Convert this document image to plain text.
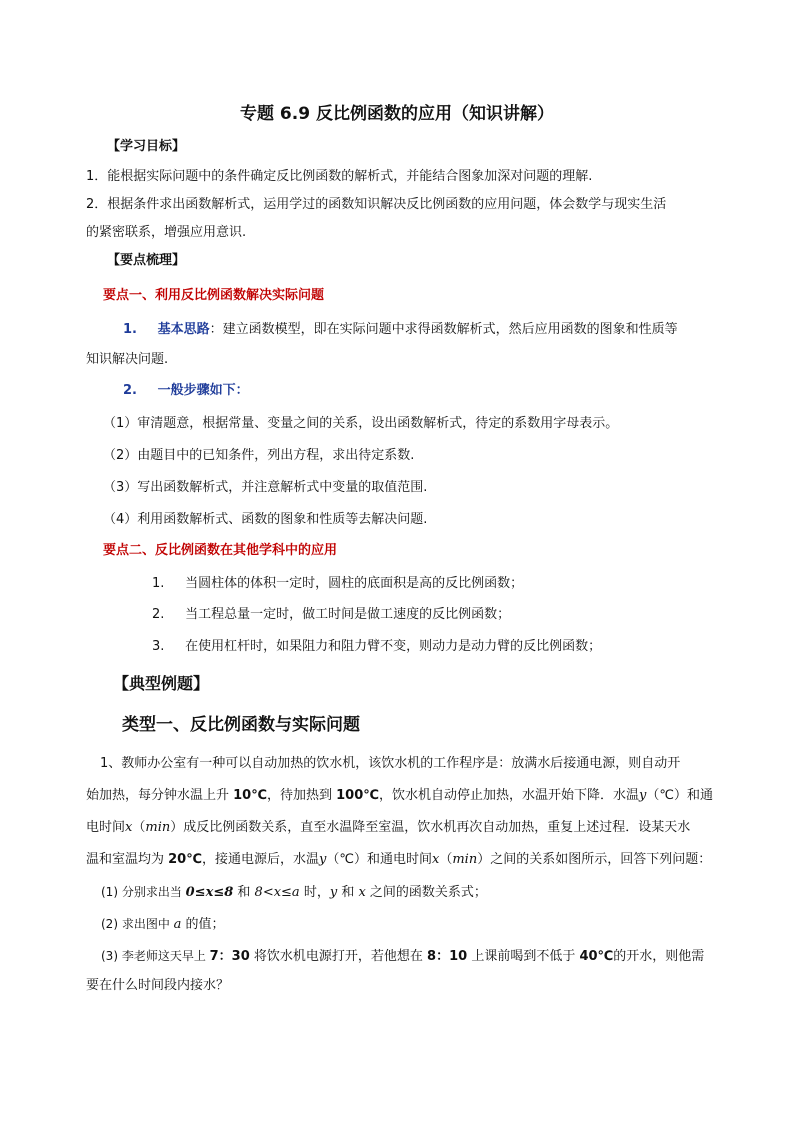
专题 6.9 反比例函数的应用（知识讲解）
【学习目标】
1．能根据实际问题中的条件确定反比例函数的解析式，并能结合图象加深对问题的理解.
2．根据条件求出函数解析式，运用学过的函数知识解决反比例函数的应用问题，体会数学与现实生活
的紧密联系，增强应用意识.
【要点梳理】
要点一、利用反比例函数解决实际问题
1. 基本思路：建立函数模型，即在实际问题中求得函数解析式，然后应用函数的图象和性质等
知识解决问题.
2. 一般步骤如下：
（1）审清题意，根据常量、变量之间的关系，设出函数解析式，待定的系数用字母表示。
（2）由题目中的已知条件，列出方程，求出待定系数.
（3）写出函数解析式，并注意解析式中变量的取值范围.
（4）利用函数解析式、函数的图象和性质等去解决问题.
要点二、反比例函数在其他学科中的应用
1. 当圆柱体的体积一定时，圆柱的底面积是高的反比例函数；
2. 当工程总量一定时，做工时间是做工速度的反比例函数；
3. 在使用杠杆时，如果阻力和阻力臂不变，则动力是动力臂的反比例函数；
【典型例题】
类型一、反比例函数与实际问题
1、教师办公室有一种可以自动加热的饮水机，该饮水机的工作程序是：放满水后接通电源，则自动开
始加热，每分钟水温上升 10℃，待加热到 100℃，饮水机自动停止加热，水温开始下降．水温y（℃）和通
电时间x（min）成反比例函数关系，直至水温降至室温，饮水机再次自动加热，重复上述过程．设某天水
温和室温均为 20℃，接通电源后，水温y（℃）和通电时间x（min）之间的关系如图所示，回答下列问题：
(1) 分别求出当 0≤x≤8 和 8<x≤a 时，y 和 x 之间的函数关系式；
(2) 求出图中 a 的值；
(3) 李老师这天早上 7：30 将饮水机电源打开，若他想在 8：10 上课前喝到不低于 40℃的开水，则他需
要在什么时间段内接水？
